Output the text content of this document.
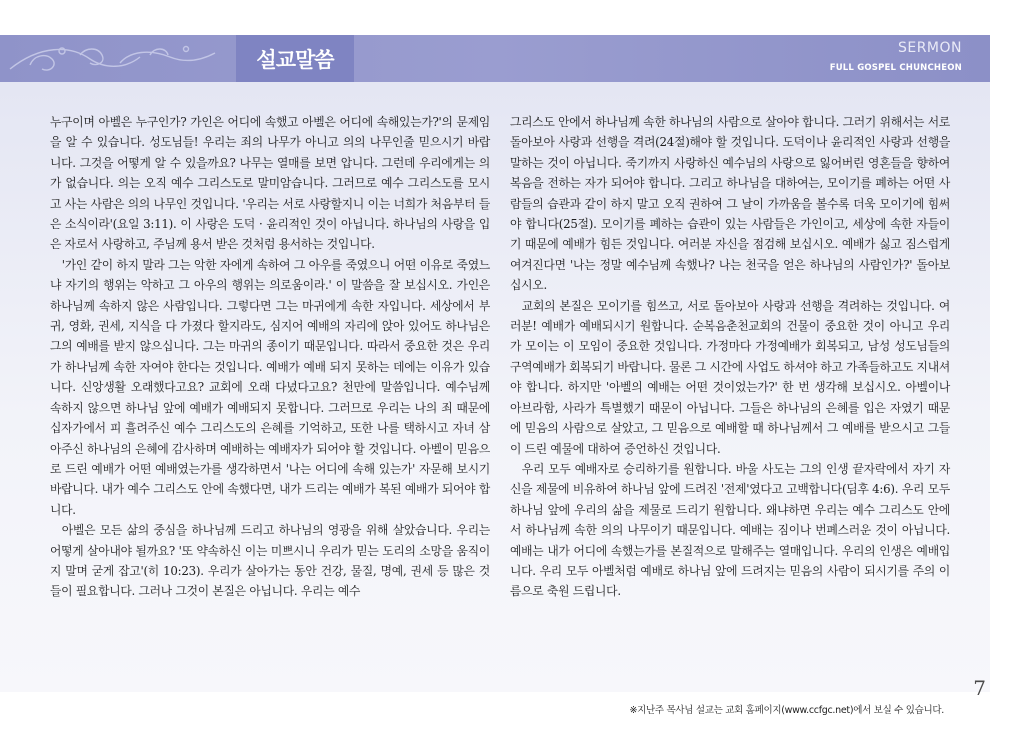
설교말씀	SERMON
FULL GOSPEL CHUNCHEON

누구이며 아벨은 누구인가? 가인은 어디에 속했고 아벨은 어디에 속해있는가?'의 문제임을 알 수 있습니다. 성도님들! 우리는 죄의 나무가 아니고 의의 나무인줄 믿으시기 바랍니다. 그것을 어떻게 알 수 있을까요? 나무는 열매를 보면 압니다. 그런데 우리에게는 의가 없습니다. 의는 오직 예수 그리스도로 말미암습니다. 그러므로 예수 그리스도를 모시고 사는 사람은 의의 나무인 것입니다. '우리는 서로 사랑할지니 이는 너희가 처음부터 들은 소식이라'(요일 3:11). 이 사랑은 도덕 · 윤리적인 것이 아닙니다. 하나님의 사랑을 입은 자로서 사랑하고, 주님께 용서 받은 것처럼 용서하는 것입니다.

'가인 같이 하지 말라 그는 악한 자에게 속하여 그 아우를 죽였으니 어떤 이유로 죽였느냐 자기의 행위는 악하고 그 아우의 행위는 의로움이라.' 이 말씀을 잘 보십시오. 가인은 하나님께 속하지 않은 사람입니다. 그렇다면 그는 마귀에게 속한 자입니다. 세상에서 부귀, 영화, 권세, 지식을 다 가졌다 할지라도, 심지어 예배의 자리에 앉아 있어도 하나님은 그의 예배를 받지 않으십니다. 그는 마귀의 종이기 때문입니다. 따라서 중요한 것은 우리가 하나님께 속한 자여야 한다는 것입니다. 예배가 예배 되지 못하는 데에는 이유가 있습니다. 신앙생활 오래했다고요? 교회에 오래 다녔다고요? 천만에 말씀입니다. 예수님께 속하지 않으면 하나님 앞에 예배가 예배되지 못합니다. 그러므로 우리는 나의 죄 때문에 십자가에서 피 흘려주신 예수 그리스도의 은혜를 기억하고, 또한 나를 택하시고 자녀 삼아주신 하나님의 은혜에 감사하며 예배하는 예배자가 되어야 할 것입니다. 아벨이 믿음으로 드린 예배가 어떤 예배였는가를 생각하면서 '나는 어디에 속해 있는가' 자문해 보시기 바랍니다. 내가 예수 그리스도 안에 속했다면, 내가 드리는 예배가 복된 예배가 되어야 합니다.

아벨은 모든 삶의 중심을 하나님께 드리고 하나님의 영광을 위해 살았습니다. 우리는 어떻게 살아내야 될까요? '또 약속하신 이는 미쁘시니 우리가 믿는 도리의 소망을 움직이지 말며 굳게 잡고'(히 10:23). 우리가 살아가는 동안 건강, 물질, 명예, 권세 등 많은 것들이 필요합니다. 그러나 그것이 본질은 아닙니다. 우리는 예수

그리스도 안에서 하나님께 속한 하나님의 사람으로 살아야 합니다. 그러기 위해서는 서로 돌아보아 사랑과 선행을 격려(24절)해야 할 것입니다. 도덕이나 윤리적인 사랑과 선행을 말하는 것이 아닙니다. 죽기까지 사랑하신 예수님의 사랑으로 잃어버린 영혼들을 향하여 복음을 전하는 자가 되어야 합니다. 그리고 하나님을 대하여는, 모이기를 폐하는 어떤 사람들의 습관과 같이 하지 말고 오직 권하여 그 날이 가까움을 볼수록 더욱 모이기에 힘써야 합니다(25절). 모이기를 폐하는 습관이 있는 사람들은 가인이고, 세상에 속한 자들이기 때문에 예배가 힘든 것입니다. 여러분 자신을 점검해 보십시오. 예배가 싫고 짐스럽게 여겨진다면 '나는 정말 예수님께 속했나? 나는 천국을 얻은 하나님의 사람인가?' 돌아보십시오.

교회의 본질은 모이기를 힘쓰고, 서로 돌아보아 사랑과 선행을 격려하는 것입니다. 여러분! 예배가 예배되시기 원합니다. 순복음춘천교회의 건물이 중요한 것이 아니고 우리가 모이는 이 모임이 중요한 것입니다. 가정마다 가정예배가 회복되고, 남성 성도님들의 구역예배가 회복되기 바랍니다. 물론 그 시간에 사업도 하셔야 하고 가족들하고도 지내셔야 합니다. 하지만 '아벨의 예배는 어떤 것이었는가?' 한 번 생각해 보십시오. 아벨이나 아브라함, 사라가 특별했기 때문이 아닙니다. 그들은 하나님의 은혜를 입은 자였기 때문에 믿음의 사람으로 살았고, 그 믿음으로 예배할 때 하나님께서 그 예배를 받으시고 그들이 드린 예물에 대하여 증언하신 것입니다.

우리 모두 예배자로 승리하기를 원합니다. 바울 사도는 그의 인생 끝자락에서 자기 자신을 제물에 비유하여 하나님 앞에 드려진 '전제'였다고 고백합니다(딤후 4:6). 우리 모두 하나님 앞에 우리의 삶을 제물로 드리기 원합니다. 왜냐하면 우리는 예수 그리스도 안에서 하나님께 속한 의의 나무이기 때문입니다. 예배는 짐이나 번폐스러운 것이 아닙니다. 예배는 내가 어디에 속했는가를 본질적으로 말해주는 열매입니다. 우리의 인생은 예배입니다. 우리 모두 아벨처럼 예배로 하나님 앞에 드려지는 믿음의 사람이 되시기를 주의 이름으로 축원 드립니다.

7
※지난주 목사님 설교는 교회 홈페이지(www.ccfgc.net)에서 보실 수 있습니다.
